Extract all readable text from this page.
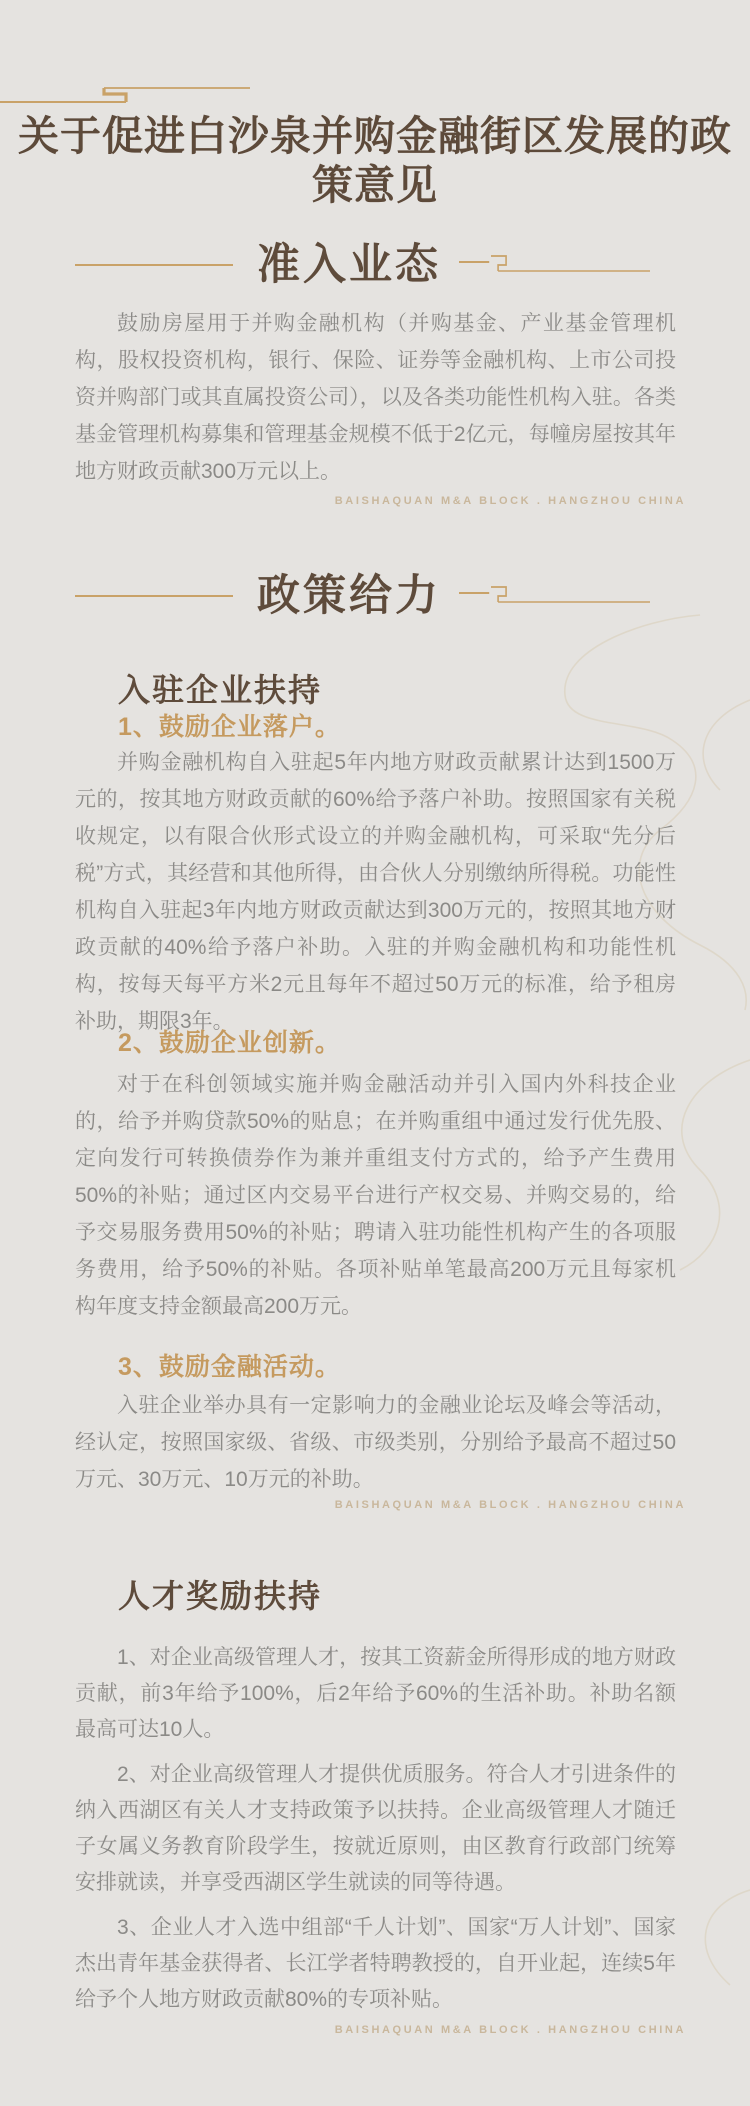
关于促进白沙泉并购金融街区发展的政策意见
准入业态
鼓励房屋用于并购金融机构（并购基金、产业基金管理机构，股权投资机构，银行、保险、证券等金融机构、上市公司投资并购部门或其直属投资公司），以及各类功能性机构入驻。各类基金管理机构募集和管理基金规模不低于2亿元，每幢房屋按其年地方财政贡献300万元以上。
BAISHAQUAN M&A BLOCK . HANGZHOU CHINA
政策给力
入驻企业扶持
1、鼓励企业落户。
并购金融机构自入驻起5年内地方财政贡献累计达到1500万元的，按其地方财政贡献的60%给予落户补助。按照国家有关税收规定，以有限合伙形式设立的并购金融机构，可采取“先分后税”方式，其经营和其他所得，由合伙人分别缴纳所得税。功能性机构自入驻起3年内地方财政贡献达到300万元的，按照其地方财政贡献的40%给予落户补助。入驻的并购金融机构和功能性机构，按每天每平方米2元且每年不超过50万元的标准，给予租房补助，期限3年。
2、鼓励企业创新。
对于在科创领域实施并购金融活动并引入国内外科技企业的，给予并购贷款50%的贴息；在并购重组中通过发行优先股、定向发行可转换债券作为兼并重组支付方式的，给予产生费用50%的补贴；通过区内交易平台进行产权交易、并购交易的，给予交易服务费用50%的补贴；聘请入驻功能性机构产生的各项服务费用，给予50%的补贴。各项补贴单笔最高200万元且每家机构年度支持金额最高200万元。
3、鼓励金融活动。
入驻企业举办具有一定影响力的金融业论坛及峰会等活动，经认定，按照国家级、省级、市级类别，分别给予最高不超过50万元、30万元、10万元的补助。
BAISHAQUAN M&A BLOCK . HANGZHOU CHINA
人才奖励扶持

1、对企业高级管理人才，按其工资薪金所得形成的地方财政贡献，前3年给予100%，后2年给予60%的生活补助。补助名额最高可达10人。

2、对企业高级管理人才提供优质服务。符合人才引进条件的纳入西湖区有关人才支持政策予以扶持。企业高级管理人才随迁子女属义务教育阶段学生，按就近原则，由区教育行政部门统筹安排就读，并享受西湖区学生就读的同等待遇。

3、企业人才入选中组部“千人计划”、国家“万人计划”、国家杰出青年基金获得者、长江学者特聘教授的，自开业起，连续5年给予个人地方财政贡献80%的专项补贴。

BAISHAQUAN M&A BLOCK . HANGZHOU CHINA
